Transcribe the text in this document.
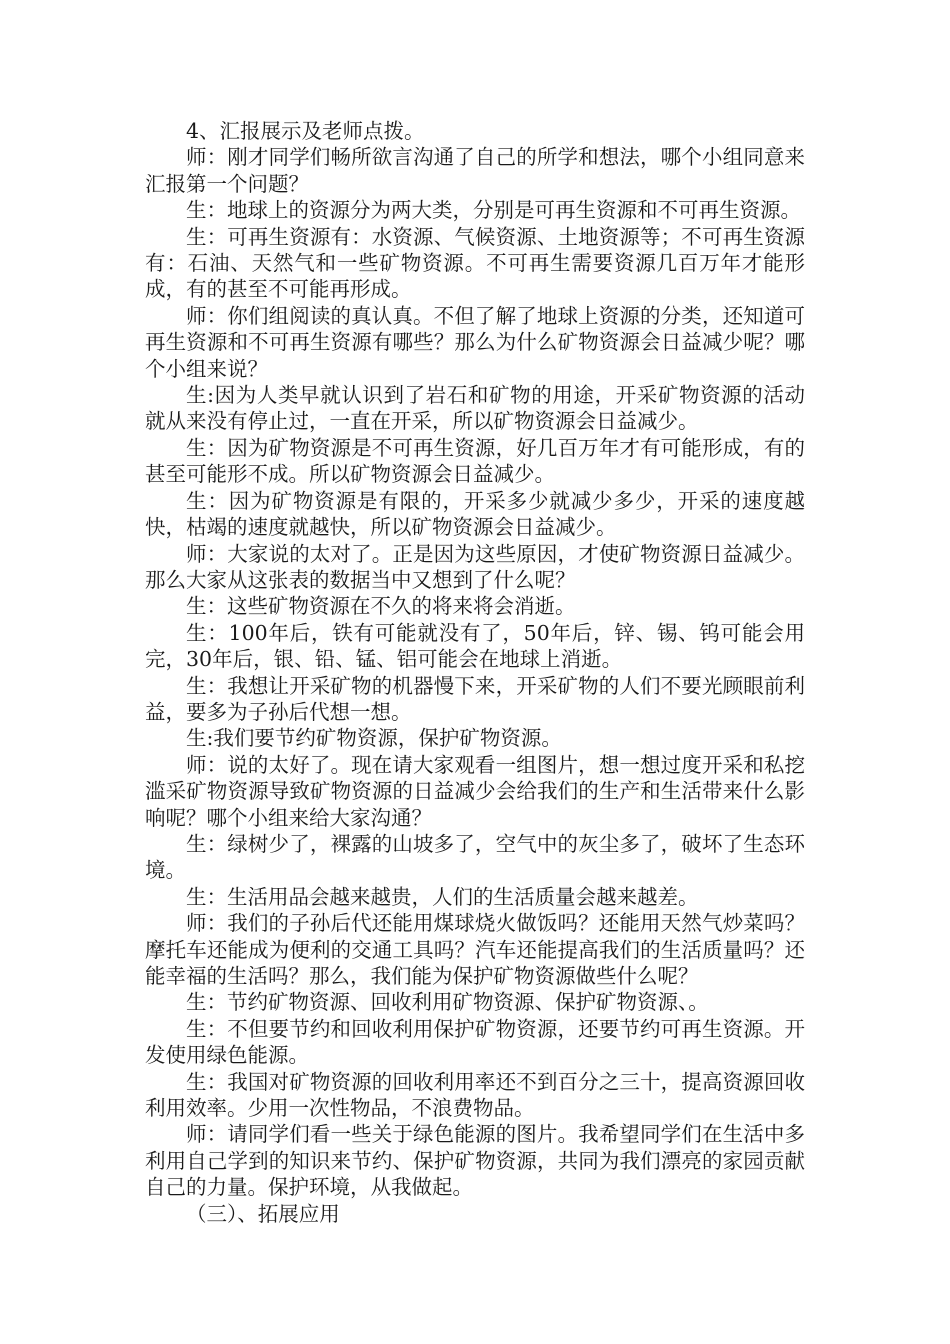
4、汇报展示及老师点拨。

师：刚才同学们畅所欲言沟通了自己的所学和想法，哪个小组同意来汇报第一个问题？

生：地球上的资源分为两大类，分别是可再生资源和不可再生资源。

生：可再生资源有：水资源、气候资源、土地资源等；不可再生资源有：石油、天然气和一些矿物资源。不可再生需要资源几百万年才能形成，有的甚至不可能再形成。

师：你们组阅读的真认真。不但了解了地球上资源的分类，还知道可再生资源和不可再生资源有哪些？那么为什么矿物资源会日益减少呢？哪个小组来说？

生:因为人类早就认识到了岩石和矿物的用途，开采矿物资源的活动就从来没有停止过，一直在开采，所以矿物资源会日益减少。

生：因为矿物资源是不可再生资源，好几百万年才有可能形成，有的甚至可能形不成。所以矿物资源会日益减少。

生：因为矿物资源是有限的，开采多少就减少多少，开采的速度越快，枯竭的速度就越快，所以矿物资源会日益减少。

师：大家说的太对了。正是因为这些原因，才使矿物资源日益减少。那么大家从这张表的数据当中又想到了什么呢？

生：这些矿物资源在不久的将来将会消逝。

生：100年后，铁有可能就没有了，50年后，锌、锡、钨可能会用完，30年后，银、铅、锰、铝可能会在地球上消逝。

生：我想让开采矿物的机器慢下来，开采矿物的人们不要光顾眼前利益，要多为子孙后代想一想。

生:我们要节约矿物资源，保护矿物资源。

师：说的太好了。现在请大家观看一组图片，想一想过度开采和私挖滥采矿物资源导致矿物资源的日益减少会给我们的生产和生活带来什么影响呢？哪个小组来给大家沟通？

生：绿树少了，裸露的山坡多了，空气中的灰尘多了，破坏了生态环境。

生：生活用品会越来越贵，人们的生活质量会越来越差。

师：我们的子孙后代还能用煤球烧火做饭吗？还能用天然气炒菜吗？摩托车还能成为便利的交通工具吗？汽车还能提高我们的生活质量吗？还能幸福的生活吗？那么，我们能为保护矿物资源做些什么呢？

生：节约矿物资源、回收利用矿物资源、保护矿物资源、。

生：不但要节约和回收利用保护矿物资源，还要节约可再生资源。开发使用绿色能源。

生：我国对矿物资源的回收利用率还不到百分之三十，提高资源回收利用效率。少用一次性物品，不浪费物品。

师：请同学们看一些关于绿色能源的图片。我希望同学们在生活中多利用自己学到的知识来节约、保护矿物资源，共同为我们漂亮的家园贡献自己的力量。保护环境，从我做起。

（三）、拓展应用
